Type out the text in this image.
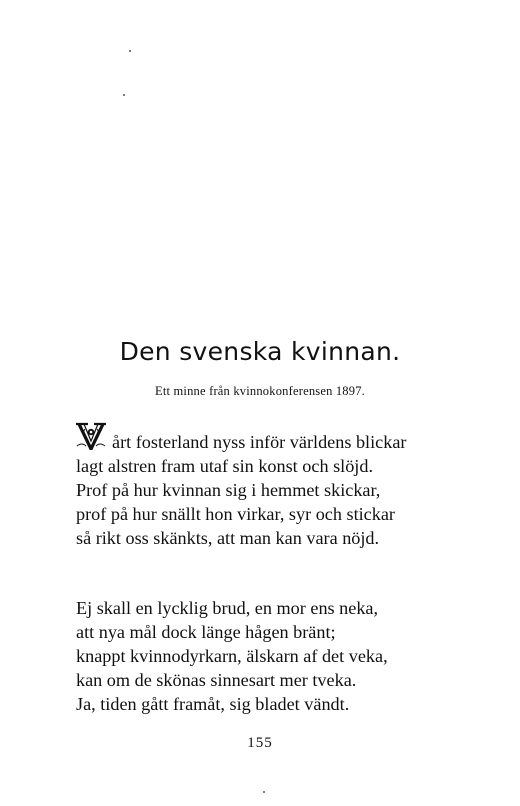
Den svenska kvinnan.
Ett minne från kvinnokonferensen 1897.
årt fosterland nyss inför världens blickar
lagt alstren fram utaf sin konst och slöjd.
Prof på hur kvinnan sig i hemmet skickar,
prof på hur snällt hon virkar, syr och stickar
så rikt oss skänkts, att man kan vara nöjd.
Ej skall en lycklig brud, en mor ens neka,
att nya mål dock länge hågen bränt;
knappt kvinnodyrkarn, älskarn af det veka,
kan om de skönas sinnesart mer tveka.
Ja, tiden gått framåt, sig bladet vändt.
155
